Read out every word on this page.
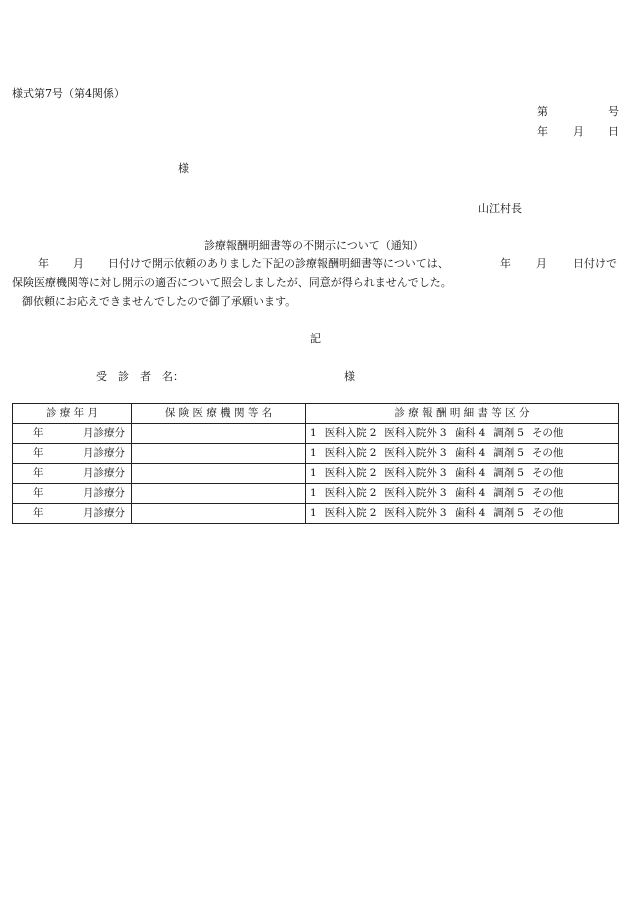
様式第7号（第4関係）
第	号
年 月 日
様
山江村長
診療報酬明細書等の不開示について（通知）
年 月 日付けで開示依頼のありました下記の診療報酬明細書等については、	年 月 日付けで
保険医療機関等に対し開示の適否について照会しましたが、同意が得られませんでした。
御依頼にお応えできませんでしたので御了承願います。
記
受　診　者　名：	様
診 療 年 月	保 険 医 療 機 関 等 名	診 療 報 酬 明 細 書 等 区 分
年 月診療分		1 医科入院 2 医科入院外 3 歯科 4 調剤 5 その他
年 月診療分		1 医科入院 2 医科入院外 3 歯科 4 調剤 5 その他
年 月診療分		1 医科入院 2 医科入院外 3 歯科 4 調剤 5 その他
年 月診療分		1 医科入院 2 医科入院外 3 歯科 4 調剤 5 その他
年 月診療分		1 医科入院 2 医科入院外 3 歯科 4 調剤 5 その他
